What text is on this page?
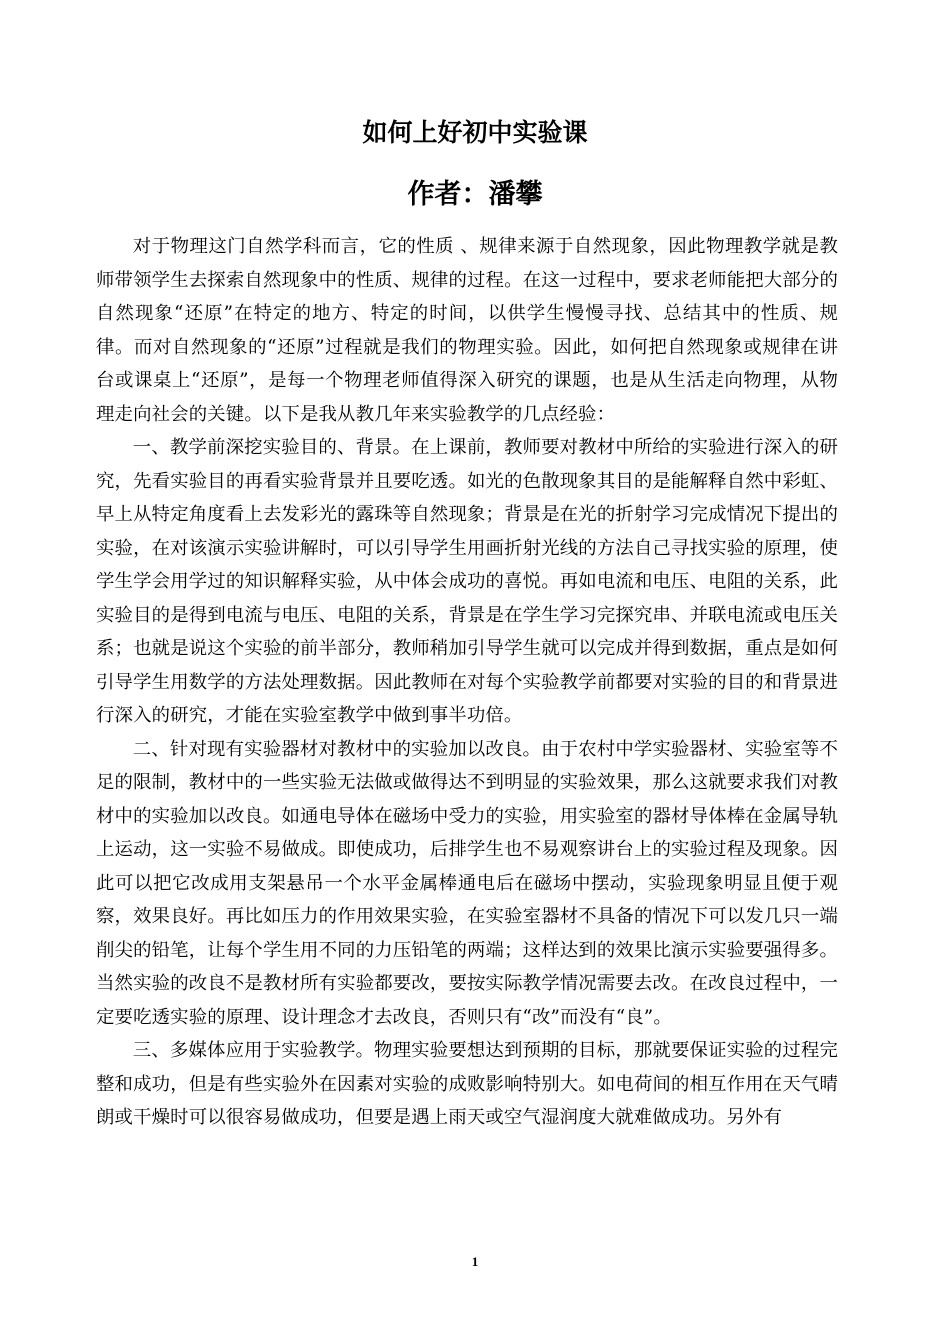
如何上好初中实验课
作者：潘攀

对于物理这门自然学科而言，它的性质 、规律来源于自然现象，因此物理教学就是教师带领学生去探索自然现象中的性质、规律的过程。在这一过程中，要求老师能把大部分的自然现象“还原”在特定的地方、特定的时间，以供学生慢慢寻找、总结其中的性质、规律。而对自然现象的“还原”过程就是我们的物理实验。因此，如何把自然现象或规律在讲台或课桌上“还原”，是每一个物理老师值得深入研究的课题，也是从生活走向物理，从物理走向社会的关键。以下是我从教几年来实验教学的几点经验：

一、教学前深挖实验目的、背景。在上课前，教师要对教材中所给的实验进行深入的研究，先看实验目的再看实验背景并且要吃透。如光的色散现象其目的是能解释自然中彩虹、早上从特定角度看上去发彩光的露珠等自然现象；背景是在光的折射学习完成情况下提出的实验，在对该演示实验讲解时，可以引导学生用画折射光线的方法自己寻找实验的原理，使学生学会用学过的知识解释实验，从中体会成功的喜悦。再如电流和电压、电阻的关系，此实验目的是得到电流与电压、电阻的关系，背景是在学生学习完探究串、并联电流或电压关系；也就是说这个实验的前半部分，教师稍加引导学生就可以完成并得到数据，重点是如何引导学生用数学的方法处理数据。因此教师在对每个实验教学前都要对实验的目的和背景进行深入的研究，才能在实验室教学中做到事半功倍。

二、针对现有实验器材对教材中的实验加以改良。由于农村中学实验器材、实验室等不足的限制，教材中的一些实验无法做或做得达不到明显的实验效果，那么这就要求我们对教材中的实验加以改良。如通电导体在磁场中受力的实验，用实验室的器材导体棒在金属导轨上运动，这一实验不易做成。即使成功，后排学生也不易观察讲台上的实验过程及现象。因此可以把它改成用支架悬吊一个水平金属棒通电后在磁场中摆动，实验现象明显且便于观察，效果良好。再比如压力的作用效果实验，在实验室器材不具备的情况下可以发几只一端削尖的铅笔，让每个学生用不同的力压铅笔的两端；这样达到的效果比演示实验要强得多。当然实验的改良不是教材所有实验都要改，要按实际教学情况需要去改。在改良过程中，一定要吃透实验的原理、设计理念才去改良，否则只有“改”而没有“良”。

三、多媒体应用于实验教学。物理实验要想达到预期的目标，那就要保证实验的过程完整和成功，但是有些实验外在因素对实验的成败影响特别大。如电荷间的相互作用在天气晴朗或干燥时可以很容易做成功，但要是遇上雨天或空气湿润度大就难做成功。另外有

1
